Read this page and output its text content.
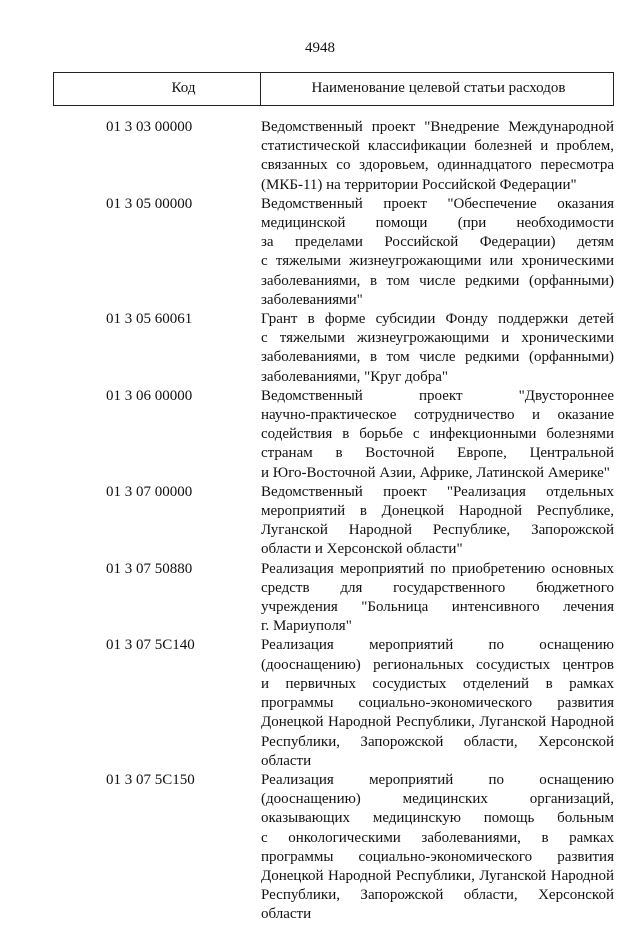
4948
Код	Наименование целевой статьи расходов
01 3 03 00000	Ведомственный проект "Внедрение Международной
статистической классификации болезней и проблем,
связанных со здоровьем, одиннадцатого пересмотра
(МКБ-11) на территории Российской Федерации"
01 3 05 00000	Ведомственный проект "Обеспечение оказания
медицинской помощи (при необходимости
за пределами Российской Федерации) детям
с тяжелыми жизнеугрожающими или хроническими
заболеваниями, в том числе редкими (орфанными)
заболеваниями"
01 3 05 60061	Грант в форме субсидии Фонду поддержки детей
с тяжелыми жизнеугрожающими и хроническими
заболеваниями, в том числе редкими (орфанными)
заболеваниями, "Круг добра"
01 3 06 00000	Ведомственный проект "Двустороннее
научно-практическое сотрудничество и оказание
содействия в борьбе с инфекционными болезнями
странам в Восточной Европе, Центральной
и Юго-Восточной Азии, Африке, Латинской Америке"
01 3 07 00000	Ведомственный проект "Реализация отдельных
мероприятий в Донецкой Народной Республике,
Луганской Народной Республике, Запорожской
области и Херсонской области"
01 3 07 50880	Реализация мероприятий по приобретению основных
средств для государственного бюджетного
учреждения "Больница интенсивного лечения
г. Мариуполя"
01 3 07 5С140	Реализация мероприятий по оснащению
(дооснащению) региональных сосудистых центров
и первичных сосудистых отделений в рамках
программы социально-экономического развития
Донецкой Народной Республики, Луганской Народной
Республики, Запорожской области, Херсонской
области
01 3 07 5С150	Реализация мероприятий по оснащению
(дооснащению) медицинских организаций,
оказывающих медицинскую помощь больным
с онкологическими заболеваниями, в рамках
программы социально-экономического развития
Донецкой Народной Республики, Луганской Народной
Республики, Запорожской области, Херсонской
области
